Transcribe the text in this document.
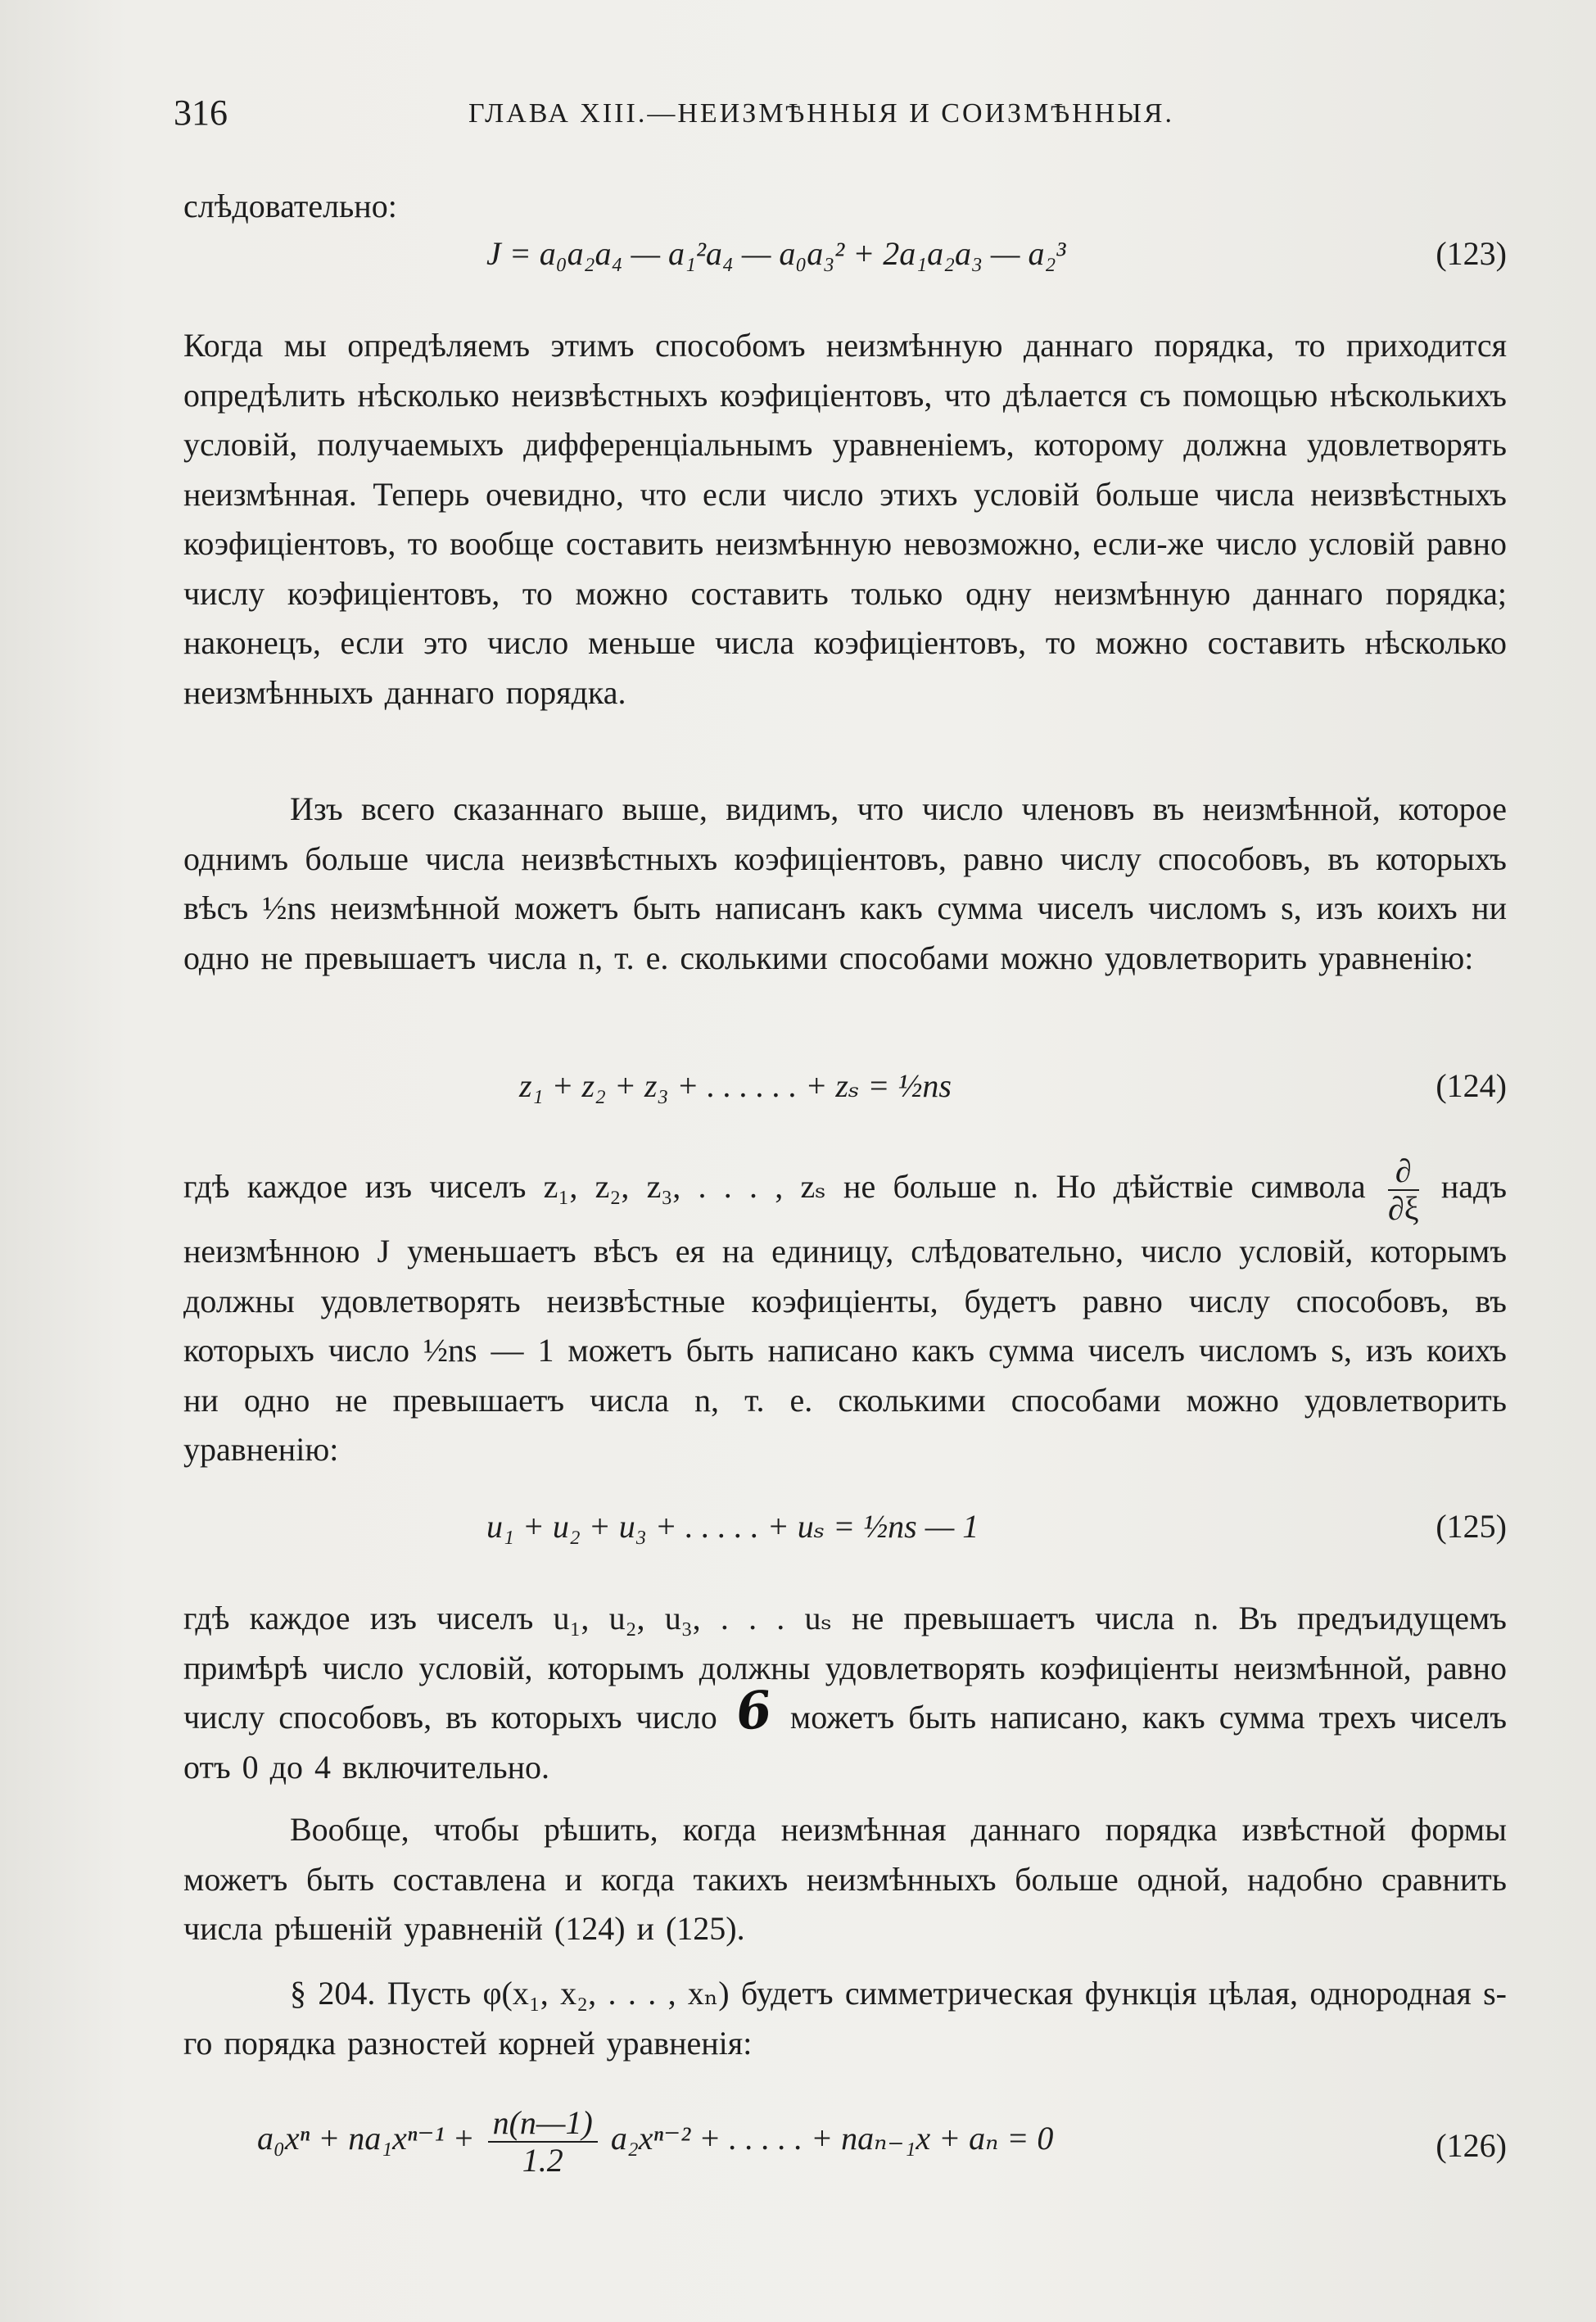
316	ГЛАВА XIII.—НЕИЗМѢННЫЯ И СОИЗМѢННЫЯ.
слѣдовательно:
J = a₀a₂a₄ — a₁²a₄ — a₀a₃² + 2a₁a₂a₃ — a₂³	(123)
Когда мы опредѣляемъ этимъ способомъ неизмѣнную даннаго порядка, то приходится опредѣлить нѣсколько неизвѣстныхъ коэфиціентовъ, что дѣлается съ помощью нѣсколькихъ условій, получаемыхъ дифференціальнымъ уравненіемъ, которому должна удовлетворять неизмѣнная. Теперь очевидно, что если число этихъ условій больше числа неизвѣстныхъ коэфиціентовъ, то вообще составить неизмѣнную невозможно, если-же число условій равно числу коэфиціентовъ, то можно составить только одну неизмѣнную даннаго порядка; наконецъ, если это число меньше числа коэфиціентовъ, то можно составить нѣсколько неизмѣнныхъ даннаго порядка.
Изъ всего сказаннаго выше, видимъ, что число членовъ въ неизмѣнной, которое однимъ больше числа неизвѣстныхъ коэфиціентовъ, равно числу способовъ, въ которыхъ вѣсъ ½ns неизмѣнной можетъ быть написанъ какъ сумма чиселъ числомъ s, изъ коихъ ни одно не превышаетъ числа n, т. е. сколькими способами можно удовлетворить уравненію:
z₁ + z₂ + z₃ + . . . . . . + zₛ = ½ns	(124)
гдѣ каждое изъ чиселъ z₁, z₂, z₃, . . . , zₛ не больше n. Но дѣйствіе символа $\frac{\partial}{\partial\xi}$ надъ неизмѣнною J уменьшаетъ вѣсъ ея на единицу, слѣдовательно, число условій, которымъ должны удовлетворять неизвѣстные коэфиціенты, будетъ равно числу способовъ, въ которыхъ число ½ns — 1 можетъ быть написано какъ сумма чиселъ числомъ s, изъ коихъ ни одно не превышаетъ числа n, т. е. сколькими способами можно удовлетворить уравненію:
u₁ + u₂ + u₃ + . . . . . + uₛ = ½ns — 1	(125)
гдѣ каждое изъ чиселъ u₁, u₂, u₃, . . . uₛ не превышаетъ числа n. Въ предъидущемъ примѣрѣ число условій, которымъ должны удовлетворять коэфиціенты неизмѣнной, равно числу способовъ, въ которыхъ число 6 можетъ быть написано, какъ сумма трехъ чиселъ отъ 0 до 4 включительно.
Вообще, чтобы рѣшить, когда неизмѣнная даннаго порядка извѣстной формы можетъ быть составлена и когда такихъ неизмѣнныхъ больше одной, надобно сравнить числа рѣшеній уравненій (124) и (125).
§ 204. Пусть φ(x₁, x₂, . . . , xₙ) будетъ симметрическая функція цѣлая, однородная s-го порядка разностей корней уравненія:
$a_0x^n + na_1x^{n-1} + \frac{n(n—1)}{1.2} a_2x^{n-2}$ + . . . . . + naₙ₋₁x + aₙ = 0	(126)
